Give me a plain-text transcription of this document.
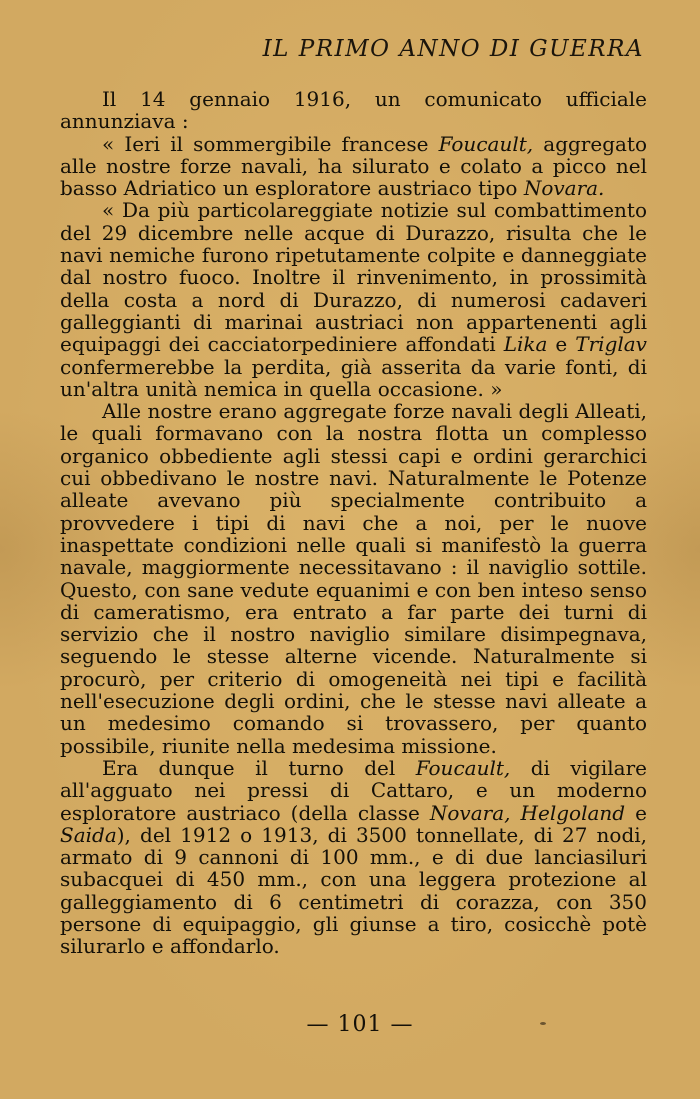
IL PRIMO ANNO DI GUERRA

Il 14 gennaio 1916, un comunicato ufficiale annunziava :

« Ieri il sommergibile francese Foucault, aggregato alle nostre forze navali, ha silurato e colato a picco nel basso Adriatico un esploratore austriaco tipo Novara.

« Da più particolareggiate notizie sul combattimento del 29 dicembre nelle acque di Durazzo, risulta che le navi nemiche furono ripetutamente colpite e danneggiate dal nostro fuoco. Inoltre il rinvenimento, in prossimità della costa a nord di Durazzo, di numerosi cadaveri galleggianti di marinai austriaci non appartenenti agli equipaggi dei cacciatorpediniere affondati Lika e Triglav confermerebbe la perdita, già asserita da varie fonti, di un'altra unità nemica in quella occasione. »

Alle nostre erano aggregate forze navali degli Alleati, le quali formavano con la nostra flotta un complesso organico obbediente agli stessi capi e ordini gerarchici cui obbedivano le nostre navi. Naturalmente le Potenze alleate avevano più specialmente contribuito a provvedere i tipi di navi che a noi, per le nuove inaspettate condizioni nelle quali si manifestò la guerra navale, maggiormente necessitavano : il naviglio sottile. Questo, con sane vedute equanimi e con ben inteso senso di cameratismo, era entrato a far parte dei turni di servizio che il nostro naviglio similare disimpegnava, seguendo le stesse alterne vicende. Naturalmente si procurò, per criterio di omogeneità nei tipi e facilità nell'esecuzione degli ordini, che le stesse navi alleate a un medesimo comando si trovassero, per quanto possibile, riunite nella medesima missione.

Era dunque il turno del Foucault, di vigilare all'agguato nei pressi di Cattaro, e un moderno esploratore austriaco (della classe Novara, Helgoland e Saida), del 1912 o 1913, di 3500 tonnellate, di 27 nodi, armato di 9 cannoni di 100 mm., e di due lanciasiluri subacquei di 450 mm., con una leggera protezione al galleggiamento di 6 centimetri di corazza, con 350 persone di equipaggio, gli giunse a tiro, cosicchè potè silurarlo e affondarlo.

— 101 —
